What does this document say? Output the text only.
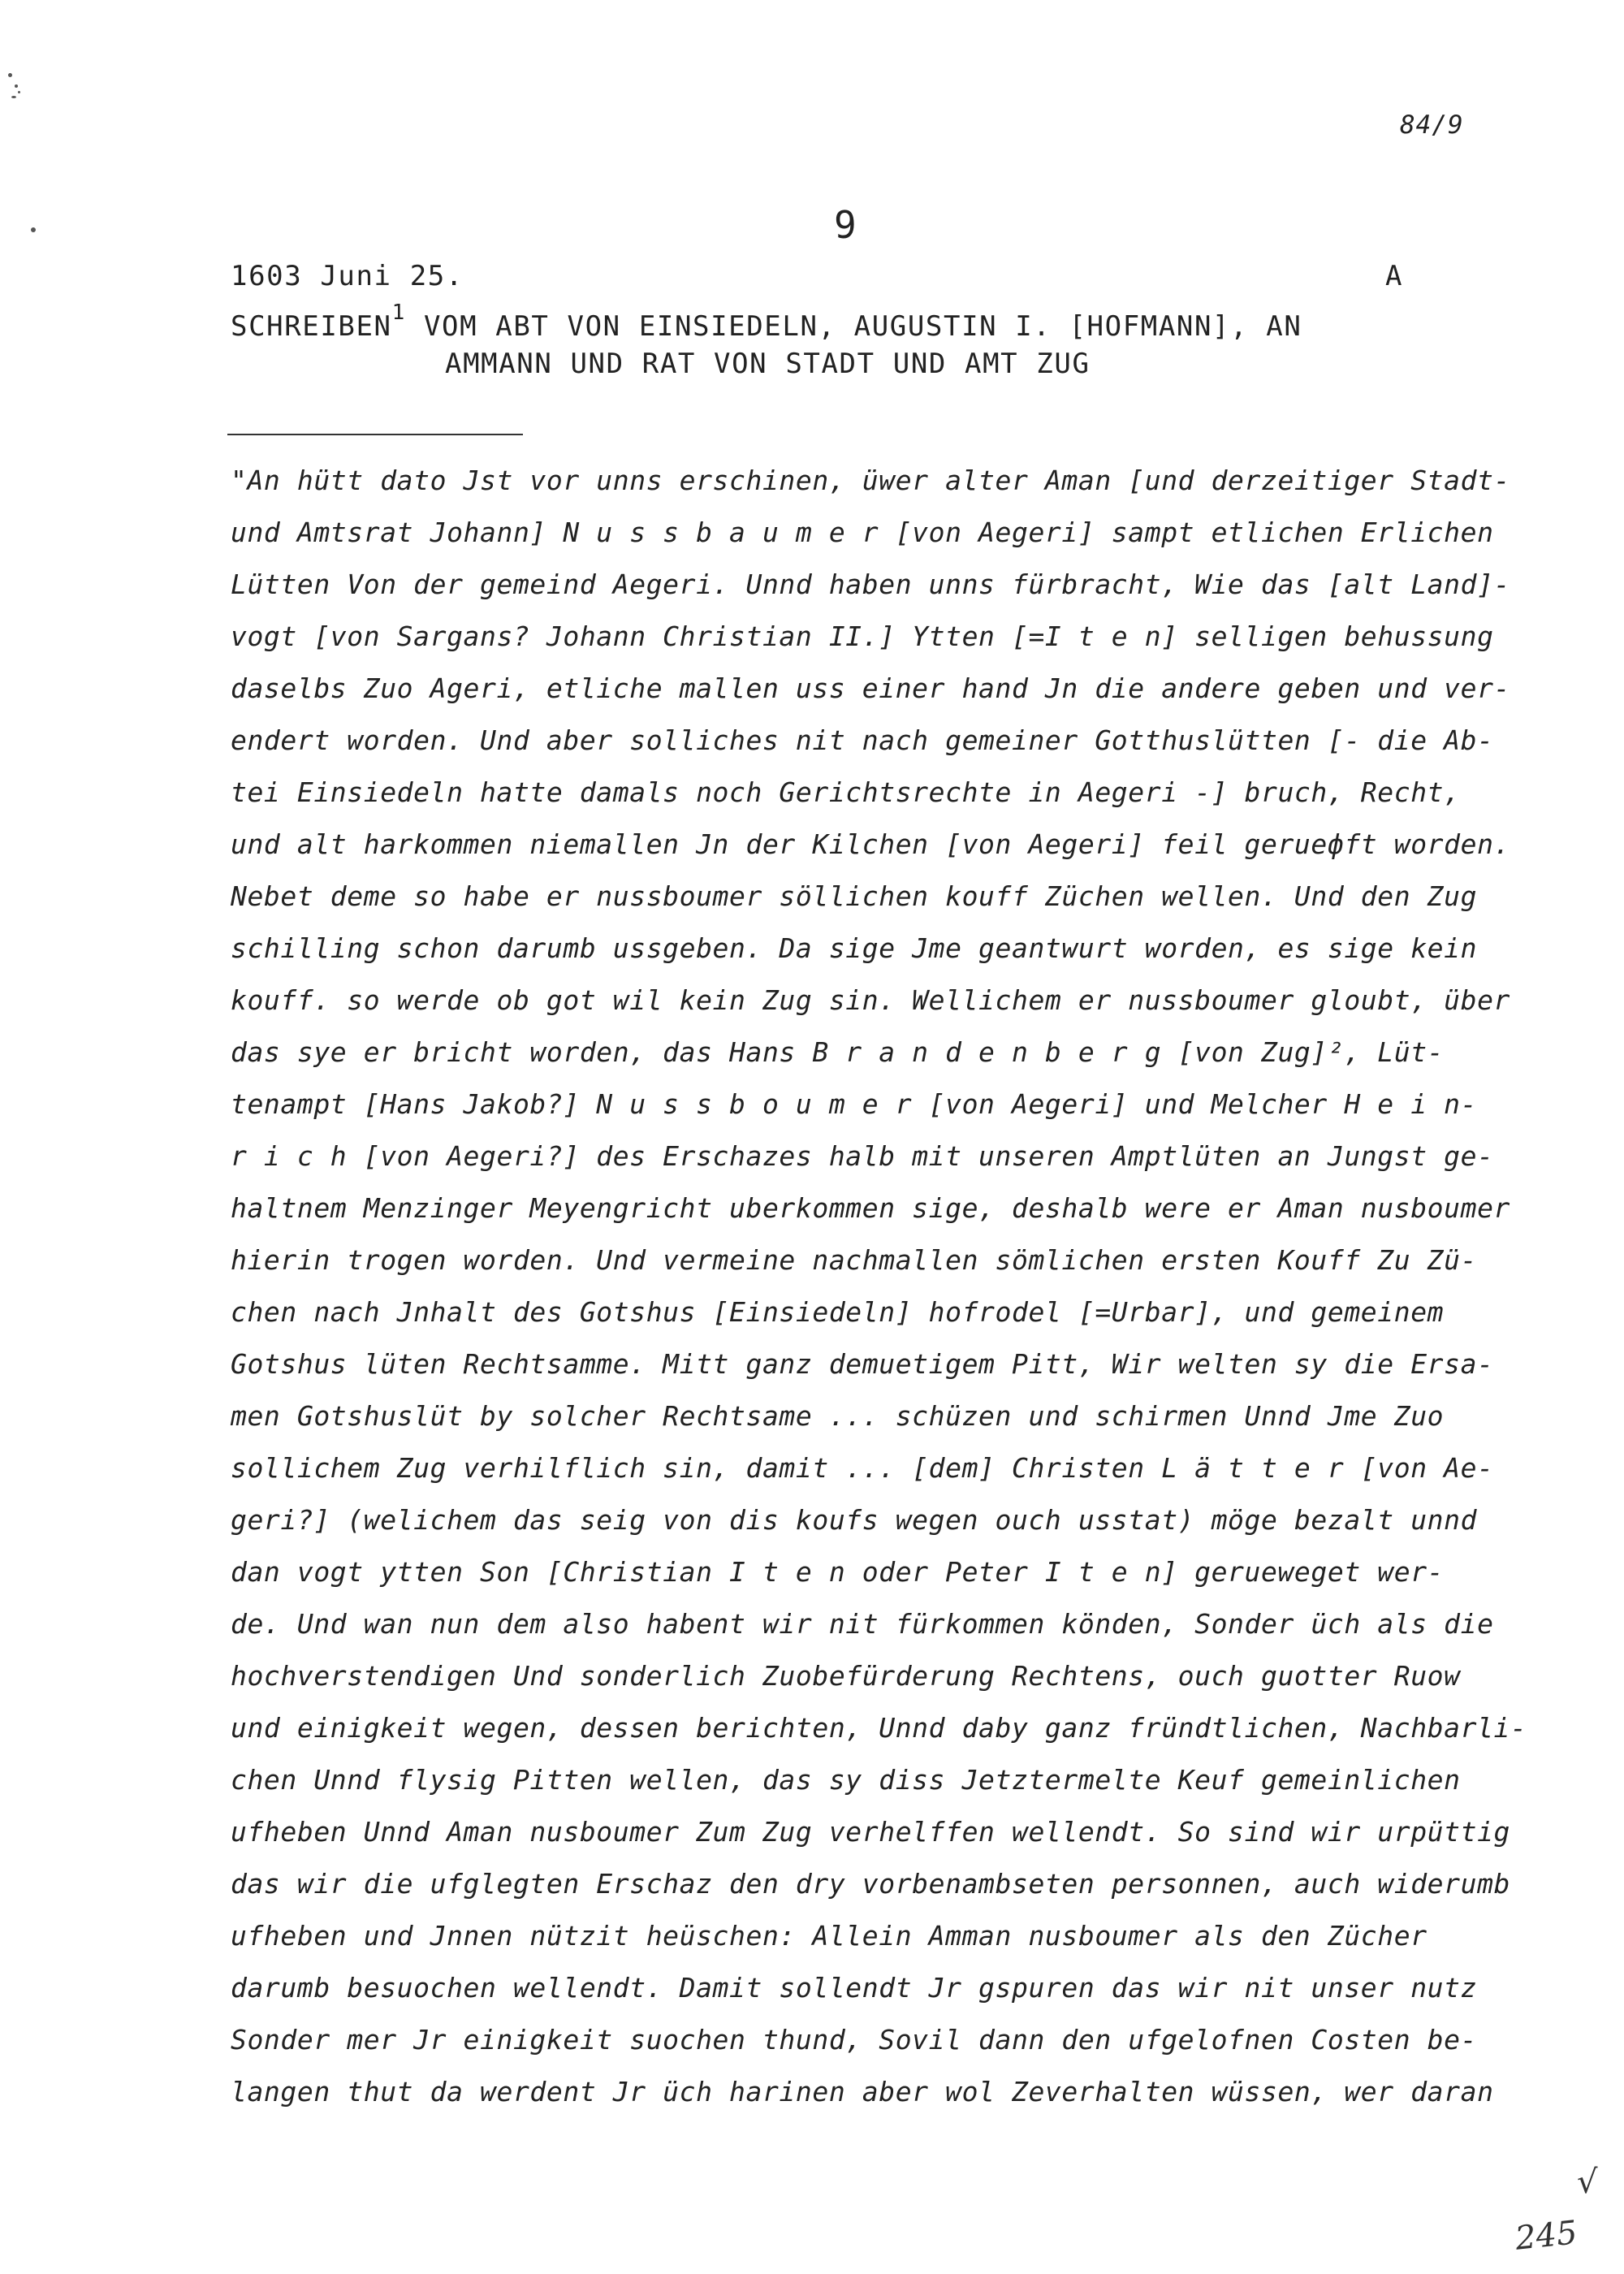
84/9
9
1603 Juni 25.	A
SCHREIBEN$^1$ VOM ABT VON EINSIEDELN, AUGUSTIN I. [HOFMANN], AN
AMMANN UND RAT VON STADT UND AMT ZUG
"An hütt dato Jst vor unns erschinen, üwer alter Aman [und derzeitiger Stadt-
und Amtsrat Johann] N u s s b a u m e r [von Aegeri] sampt etlichen Erlichen
Lütten Von der gemeind Aegeri. Unnd haben unns fürbracht, Wie das [alt Land]-
vogt [von Sargans? Johann Christian II.] Ytten [=I t e n] selligen behussung
daselbs Zuo Ageri, etliche mallen uss einer hand Jn die andere geben und ver-
endert worden. Und aber solliches nit nach gemeiner Gotthuslütten [- die Ab-
tei Einsiedeln hatte damals noch Gerichtsrechte in Aegeri -] bruch, Recht,
und alt harkommen niemallen Jn der Kilchen [von Aegeri] feil gerueфft worden.
Nebet deme so habe er nussboumer söllichen kouff Züchen wellen. Und den Zug
schilling schon darumb ussgeben. Da sige Jme geantwurt worden, es sige kein
kouff. so werde ob got wil kein Zug sin. Wellichem er nussboumer gloubt, über
das sye er bricht worden, das Hans B r a n d e n b e r g [von Zug]², Lüt-
tenampt [Hans Jakob?] N u s s b o u m e r [von Aegeri] und Melcher H e i n-
r i c h [von Aegeri?] des Erschazes halb mit unseren Amptlüten an Jungst ge-
haltnem Menzinger Meyengricht uberkommen sige, deshalb were er Aman nusboumer
hierin trogen worden. Und vermeine nachmallen sömlichen ersten Kouff Zu Zü-
chen nach Jnhalt des Gotshus [Einsiedeln] hofrodel [=Urbar], und gemeinem
Gotshus lüten Rechtsamme. Mitt ganz demuetigem Pitt, Wir welten sy die Ersa-
men Gotshuslüt by solcher Rechtsame ... schüzen und schirmen Unnd Jme Zuo
sollichem Zug verhilflich sin, damit ... [dem] Christen L ä t t e r [von Ae-
geri?] (welichem das seig von dis koufs wegen ouch usstat) möge bezalt unnd
dan vogt ytten Son [Christian I t e n oder Peter I t e n] gerueweget wer-
de. Und wan nun dem also habent wir nit fürkommen könden, Sonder üch als die
hochverstendigen Und sonderlich Zuobefürderung Rechtens, ouch guotter Ruow
und einigkeit wegen, dessen berichten, Unnd daby ganz fründtlichen, Nachbarli-
chen Unnd flysig Pitten wellen, das sy diss Jetztermelte Keuf gemeinlichen
ufheben Unnd Aman nusboumer Zum Zug verhelffen wellendt. So sind wir urpüttig
das wir die ufglegten Erschaz den dry vorbenambseten personnen, auch widerumb
ufheben und Jnnen nützit heüschen: Allein Amman nusboumer als den Zücher
darumb besuochen wellendt. Damit sollendt Jr gspuren das wir nit unser nutz
Sonder mer Jr einigkeit suochen thund, Sovil dann den ufgelofnen Costen be-
langen thut da werdent Jr üch harinen aber wol Zeverhalten wüssen, wer daran
√
245
